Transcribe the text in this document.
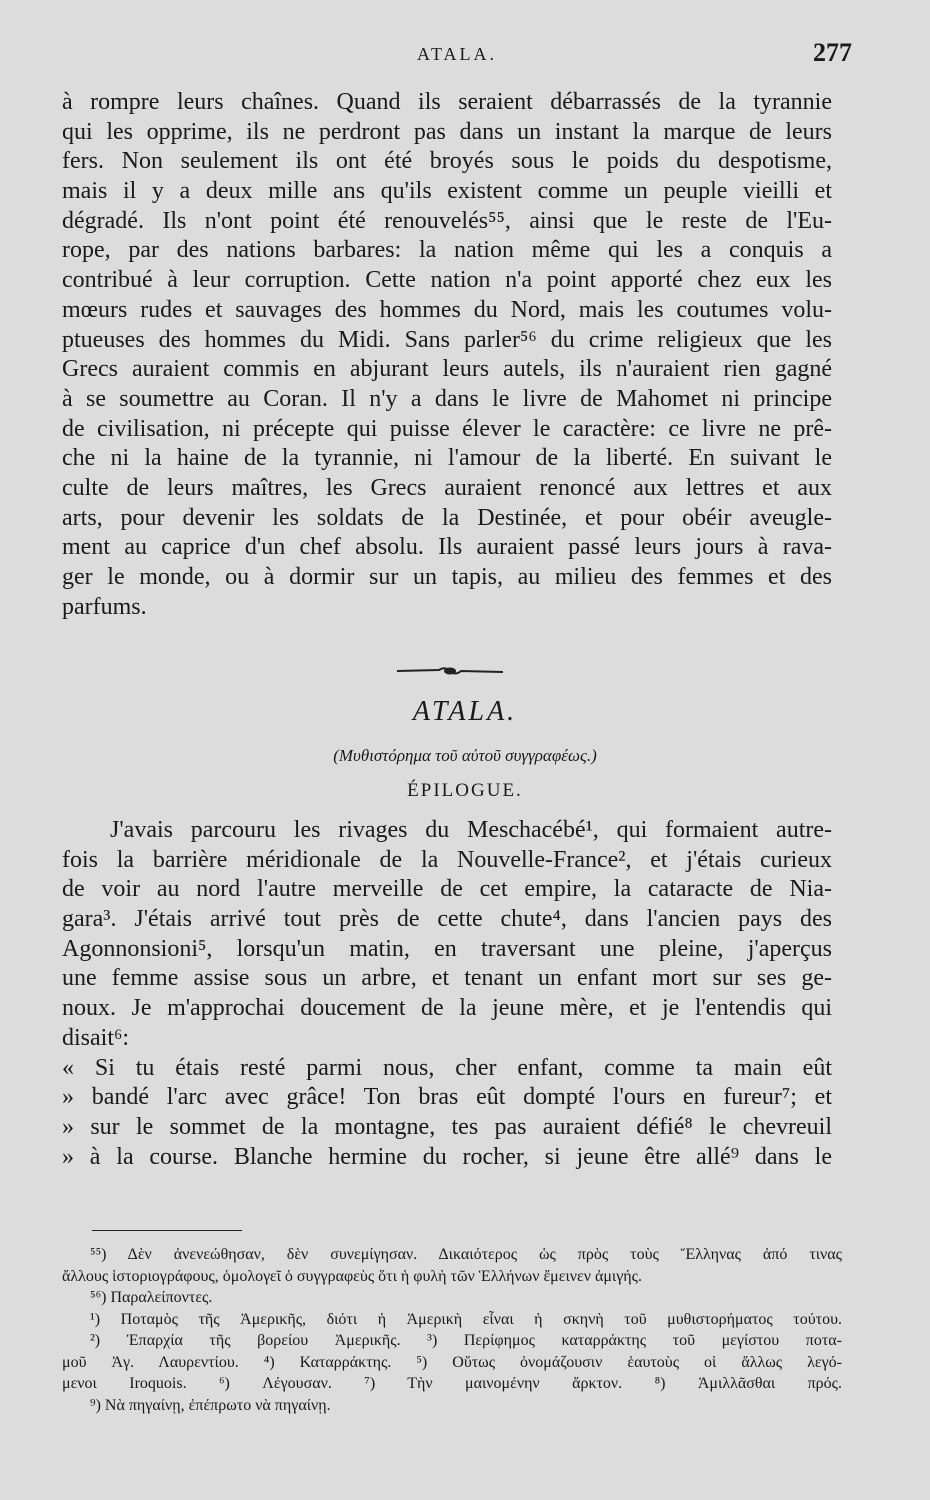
ATALA.	277
à rompre leurs chaînes. Quand ils seraient débarrassés de la tyrannie
qui les opprime, ils ne perdront pas dans un instant la marque de leurs
fers. Non seulement ils ont été broyés sous le poids du despotisme,
mais il y a deux mille ans qu'ils existent comme un peuple vieilli et
dégradé. Ils n'ont point été renouvelés⁵⁵, ainsi que le reste de l'Eu-
rope, par des nations barbares: la nation même qui les a conquis a
contribué à leur corruption. Cette nation n'a point apporté chez eux les
mœurs rudes et sauvages des hommes du Nord, mais les coutumes volu-
ptueuses des hommes du Midi. Sans parler⁵⁶ du crime religieux que les
Grecs auraient commis en abjurant leurs autels, ils n'auraient rien gagné
à se soumettre au Coran. Il n'y a dans le livre de Mahomet ni principe
de civilisation, ni précepte qui puisse élever le caractère: ce livre ne prê-
che ni la haine de la tyrannie, ni l'amour de la liberté. En suivant le
culte de leurs maîtres, les Grecs auraient renoncé aux lettres et aux
arts, pour devenir les soldats de la Destinée, et pour obéir aveugle-
ment au caprice d'un chef absolu. Ils auraient passé leurs jours à rava-
ger le monde, ou à dormir sur un tapis, au milieu des femmes et des
parfums.
ATALA.
(Μυθιστόρημα τοῦ αὐτοῦ συγγραφέως.)
ÉPILOGUE.
J'avais parcouru les rivages du Meschacébé¹, qui formaient autre-
fois la barrière méridionale de la Nouvelle-France², et j'étais curieux
de voir au nord l'autre merveille de cet empire, la cataracte de Nia-
gara³. J'étais arrivé tout près de cette chute⁴, dans l'ancien pays des
Agonnonsioni⁵, lorsqu'un matin, en traversant une pleine, j'aperçus
une femme assise sous un arbre, et tenant un enfant mort sur ses ge-
noux. Je m'approchai doucement de la jeune mère, et je l'entendis qui
disait⁶:
« Si tu étais resté parmi nous, cher enfant, comme ta main eût
» bandé l'arc avec grâce! Ton bras eût dompté l'ours en fureur⁷; et
» sur le sommet de la montagne, tes pas auraient défié⁸ le chevreuil
» à la course. Blanche hermine du rocher, si jeune être allé⁹ dans le
⁵⁵) Δὲν ἀνενεώθησαν, δὲν συνεμίγησαν. Δικαιότερος ὡς πρὸς τοὺς Ἕλληνας ἀπό τινας
ἄλλους ἱστοριογράφους, ὁμολογεῖ ὁ συγγραφεὺς ὅτι ἡ φυλὴ τῶν Ἑλλήνων ἔμεινεν ἀμιγής.
⁵⁶) Παραλείποντες.
¹) Ποταμὸς τῆς Ἀμερικῆς, διότι ἡ Ἀμερικὴ εἶναι ἡ σκηνὴ τοῦ μυθιστορήματος τούτου.
²) Ἐπαρχία τῆς βορείου Ἀμερικῆς. ³) Περίφημος καταρράκτης τοῦ μεγίστου ποτα-
μοῦ Ἀγ. Λαυρεντίου. ⁴) Καταρράκτης. ⁵) Οὕτως ὀνομάζουσιν ἑαυτοὺς οἱ ἄλλως λεγό-
μενοι Iroquois. ⁶) Λέγουσαν. ⁷) Τὴν μαινομένην ἄρκτον. ⁸) Ἁμιλλᾶσθαι πρός.
⁹) Νὰ πηγαίνῃ, ἐπέπρωτο νὰ πηγαίνῃ.
